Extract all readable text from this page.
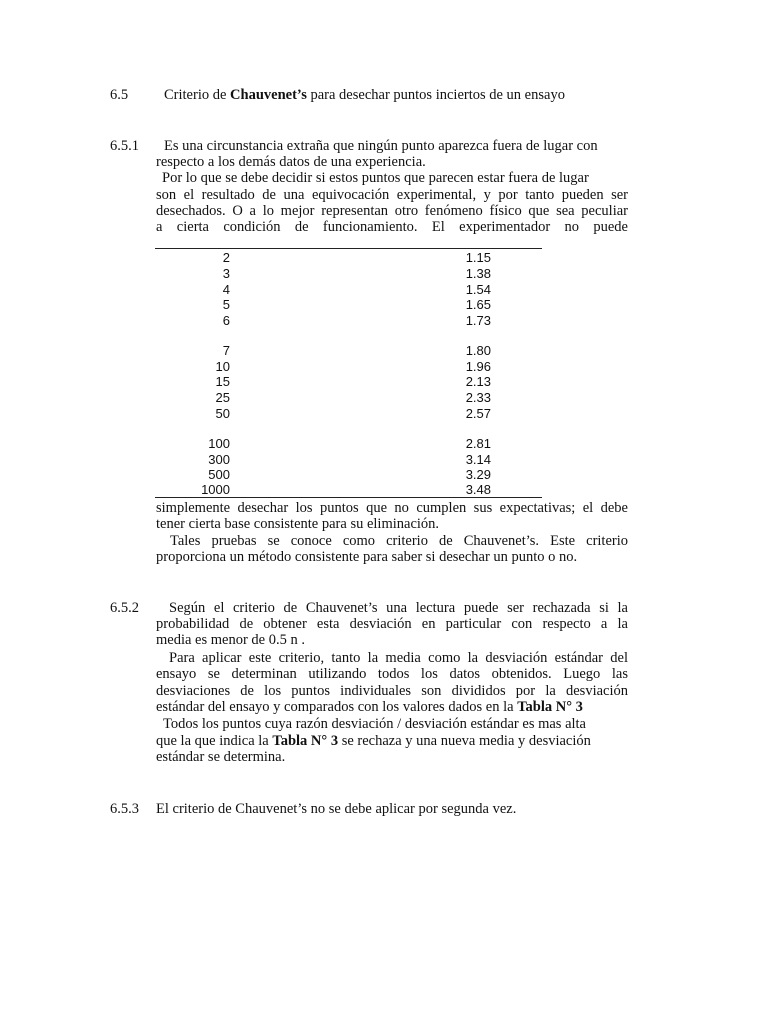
6.5 Criterio de Chauvenet’s para desechar puntos inciertos de un ensayo
6.5.1 Es una circunstancia extraña que ningún punto aparezca fuera de lugar con
respecto a los demás datos de una experiencia.
Por lo que se debe decidir si estos puntos que parecen estar fuera de lugar
son el resultado de una equivocación experimental, y por tanto pueden ser
desechados. O a lo mejor representan otro fenómeno físico que sea peculiar
a cierta condición de funcionamiento. El experimentador no puede
2	1.15
3	1.38
4	1.54
5	1.65
6	1.73
7	1.80
10	1.96
15	2.13
25	2.33
50	2.57
100	2.81
300	3.14
500	3.29
1000	3.48
simplemente desechar los puntos que no cumplen sus expectativas; el debe
tener cierta base consistente para su eliminación.
Tales pruebas se conoce como criterio de Chauvenet’s. Este criterio
proporciona un método consistente para saber si desechar un punto o no.
6.5.2 Según el criterio de Chauvenet’s una lectura puede ser rechazada si la
probabilidad de obtener esta desviación en particular con respecto a la
media es menor de 0.5 n .
Para aplicar este criterio, tanto la media como la desviación estándar del
ensayo se determinan utilizando todos los datos obtenidos. Luego las
desviaciones de los puntos individuales son divididos por la desviación
estándar del ensayo y comparados con los valores dados en la Tabla N° 3
Todos los puntos cuya razón desviación / desviación estándar es mas alta
que la que indica la Tabla N° 3 se rechaza y una nueva media y desviación
estándar se determina.
6.5.3 El criterio de Chauvenet’s no se debe aplicar por segunda vez.
